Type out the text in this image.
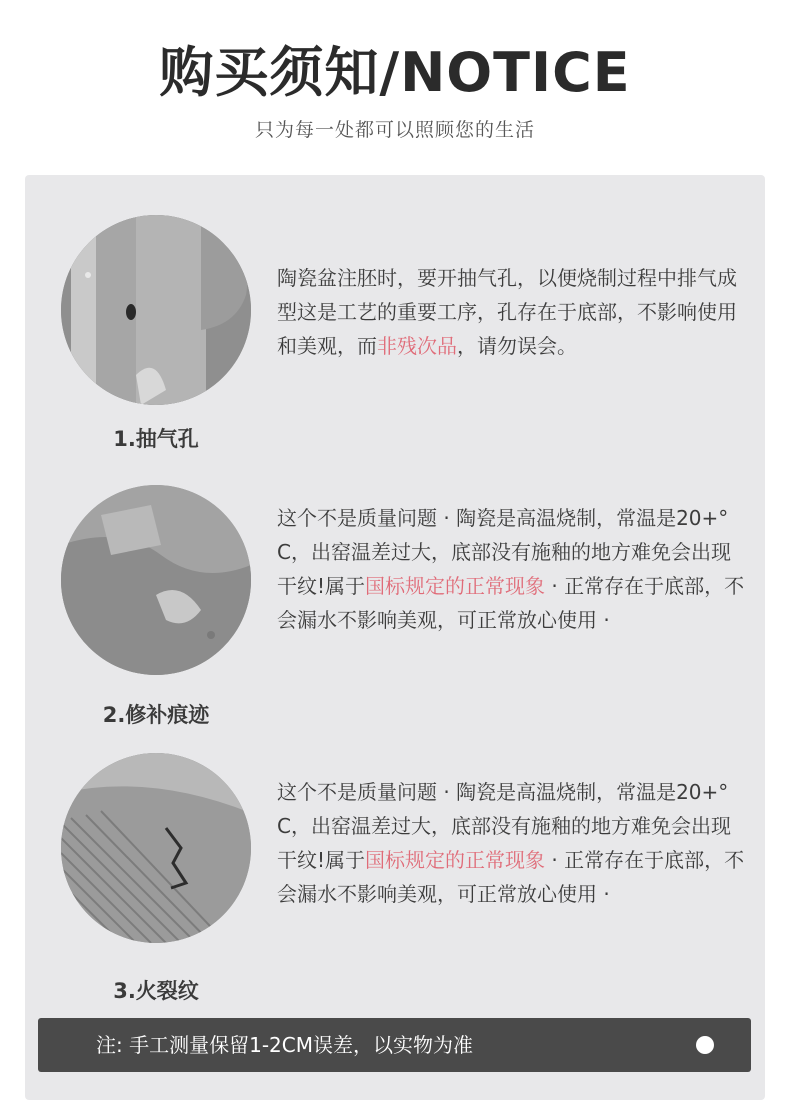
购买须知/NOTICE
只为每一处都可以照顾您的生活
1.抽气孔
陶瓷盆注胚时，要开抽气孔，以便烧制过程中排气成型这是工艺的重要工序，孔存在于底部，不影响使用和美观，而非残次品，请勿误会。
2.修补痕迹
这个不是质量问题 · 陶瓷是高温烧制，常温是20+° C，出窑温差过大，底部没有施釉的地方难免会出现干纹!属于国标规定的正常现象 · 正常存在于底部，不会漏水不影响美观，可正常放心使用 ·
3.火裂纹
这个不是质量问题 · 陶瓷是高温烧制，常温是20+° C，出窑温差过大，底部没有施釉的地方难免会出现干纹!属于国标规定的正常现象 · 正常存在于底部，不会漏水不影响美观，可正常放心使用 ·
注: 手工测量保留1-2CM误差，以实物为准
